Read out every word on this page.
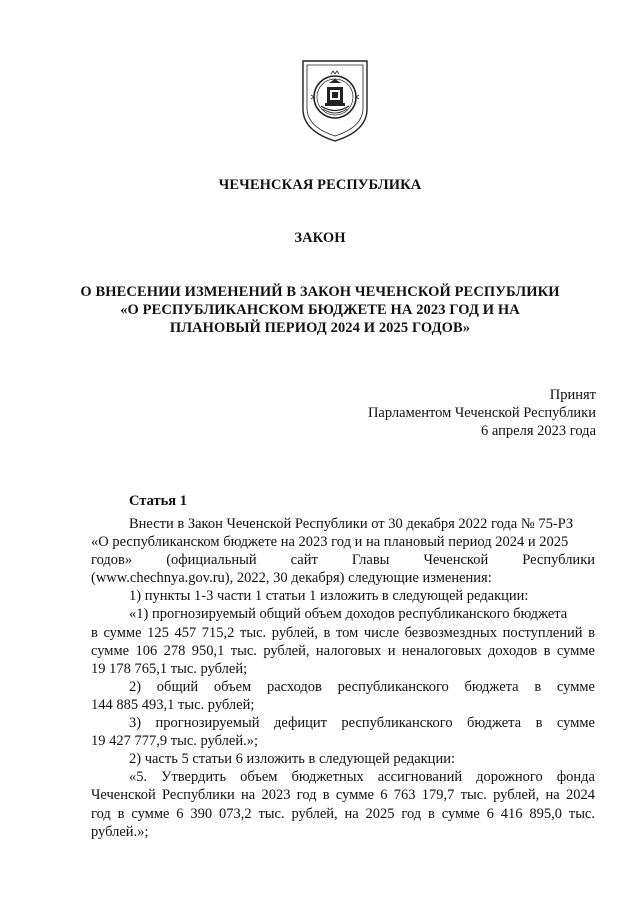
ЧЕЧЕНСКАЯ РЕСПУБЛИКА
ЗАКОН
О ВНЕСЕНИИ ИЗМЕНЕНИЙ В ЗАКОН ЧЕЧЕНСКОЙ РЕСПУБЛИКИ
«О РЕСПУБЛИКАНСКОМ БЮДЖЕТЕ НА 2023 ГОД И НА
ПЛАНОВЫЙ ПЕРИОД 2024 И 2025 ГОДОВ»
Принят
Парламентом Чеченской Республики
6 апреля 2023 года
Статья 1

Внести в Закон Чеченской Республики от 30 декабря 2022 года № 75-РЗ

«О республиканском бюджете на 2023 год и на плановый период 2024 и 2025

годов» (официальный сайт Главы Чеченской Республики

(www.chechnya.gov.ru), 2022, 30 декабря) следующие изменения:

1) пункты 1-3 части 1 статьи 1 изложить в следующей редакции:

«1) прогнозируемый общий объем доходов республиканского бюджета

в сумме 125 457 715,2 тыс. рублей, в том числе безвозмездных поступлений в

сумме 106 278 950,1 тыс. рублей, налоговых и неналоговых доходов в сумме

19 178 765,1 тыс. рублей;

2) общий объем расходов республиканского бюджета в сумме

144 885 493,1 тыс. рублей;

3) прогнозируемый дефицит республиканского бюджета в сумме

19 427 777,9 тыс. рублей.»;

2) часть 5 статьи 6 изложить в следующей редакции:

«5. Утвердить объем бюджетных ассигнований дорожного фонда

Чеченской Республики на 2023 год в сумме 6 763 179,7 тыс. рублей, на 2024

год в сумме 6 390 073,2 тыс. рублей, на 2025 год в сумме 6 416 895,0 тыс.

рублей.»;
